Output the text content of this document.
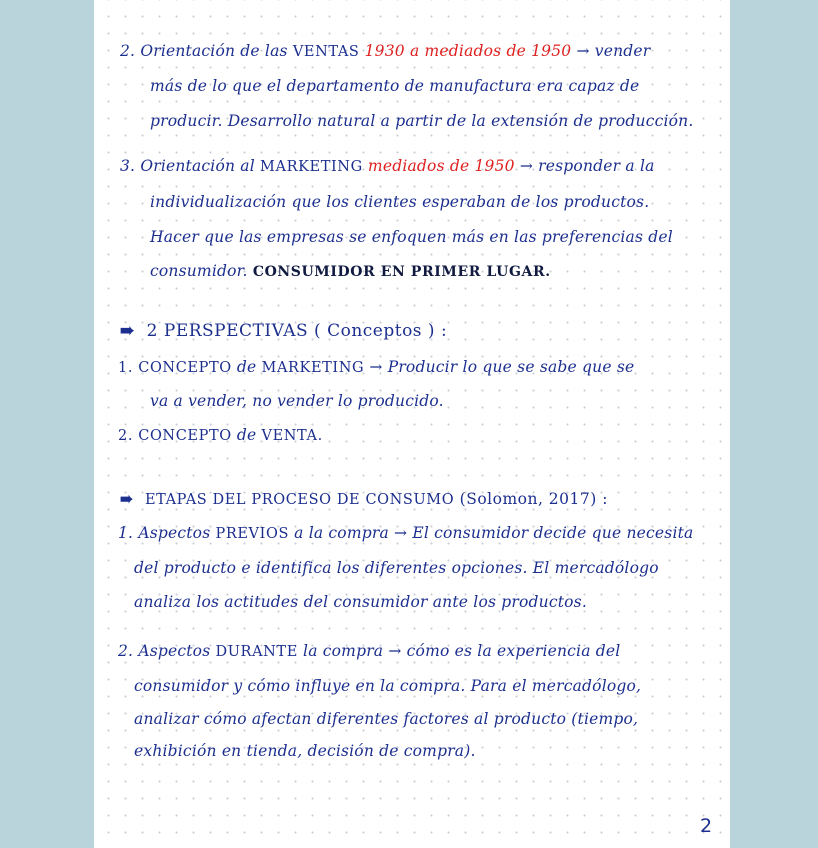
2. Orientación de las VENTAS 1930 a mediados de 1950 → vender
más de lo que el departamento de manufactura era capaz de
producir. Desarrollo natural a partir de la extensión de producción.
3. Orientación al MARKETING mediados de 1950 → responder a la
individualización que los clientes esperaban de los productos.
Hacer que las empresas se enfoquen más en las preferencias del
consumidor. CONSUMIDOR EN PRIMER LUGAR.
➠ 2 PERSPECTIVAS ( Conceptos ) :
1. CONCEPTO de MARKETING → Producir lo que se sabe que se
va a vender, no vender lo producido.
2. CONCEPTO de VENTA.
➠ ETAPAS DEL PROCESO DE CONSUMO (Solomon, 2017) :
1. Aspectos PREVIOS a la compra → El consumidor decide que necesita
del producto e identifica los diferentes opciones. El mercadólogo
analiza los actitudes del consumidor ante los productos.
2. Aspectos DURANTE la compra → cómo es la experiencia del
consumidor y cómo influye en la compra. Para el mercadólogo,
analizar cómo afectan diferentes factores al producto (tiempo,
exhibición en tienda, decisión de compra).
2
